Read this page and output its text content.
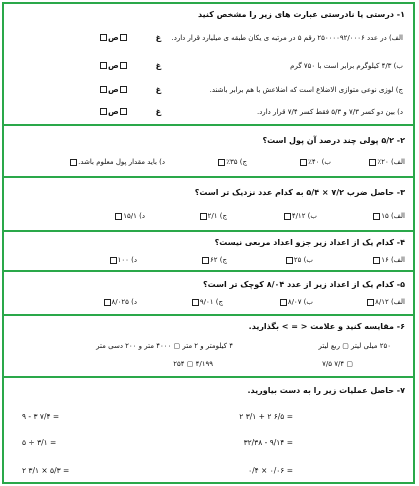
۱- درستی یا نادرستی عبارت های زیر را مشخص کنید
الف) در عدد ۲۵۰۰۰۰۹۲/۰۰۰۶ رقم ۵ در مرتبه ی یکان طبقه ی میلیارد قرار دارد.
غ          ص
ب) ۴/۳ کیلوگرم برابر است با ۷۵۰ گرم
غ          ص
ج) لوزی نوعی متوازی الاضلاع است که اضلاعش با هم برابر باشند.
غ          ص
د) بین دو کسر ۷/۳ و ۵/۳ فقط کسر ۷/۴ قرار دارد.
غ          ص
۲- ۵/۲ پولی چند درصد آن پول است؟
الف) ۲۰٪
ب) ۴۰٪
ج) ۳۵٪
د) باید مقدار پول معلوم باشد.
۳- حاصل ضرب ۷/۲ × ۵/۴ به کدام عدد نزدیک تر است؟
الف) ۱۵
ب) ۴/۱۲
ج) ۲/۱
د) ۱۵/۱
۴- کدام یک از اعداد زیر جزو اعداد مربعی نیست؟
الف) ۱۶
ب) ۲۵
ج) ۶۲
د) ۱۰۰
۵- کدام یک از اعداد زیر از عدد ۸/۰۴ کوچک تر است؟
الف) ۸/۱۲
ب) ۸/۰۷
ج) ۹/۰۱
د) ۸/۰۲۵
۶- مقایسه کنید و علامت < = > بگذارید.
۲۵۰ میلی لیتر ▢ ربع لیتر
۴ کیلومتر و ۲ متر ▢ ۴۰۰۰ متر و ۲۰۰ دسی متر
▢ ۷/۴ ۷/۵
۴/۱۹۹ ▢ ۲۵۴
۷- حاصل عملیات زیر را به دست بیاورید.
۲ ۳/۱ + ۲ ۶/۵ =
۳۲/۳۸ - ۹/۱۴ =
۰/۴ × ۰/۰۶ =
۹ - ۳ ۷/۴ =
۵ ÷ ۳/۱ =
۲ ۳/۱ × ۵/۳ =
